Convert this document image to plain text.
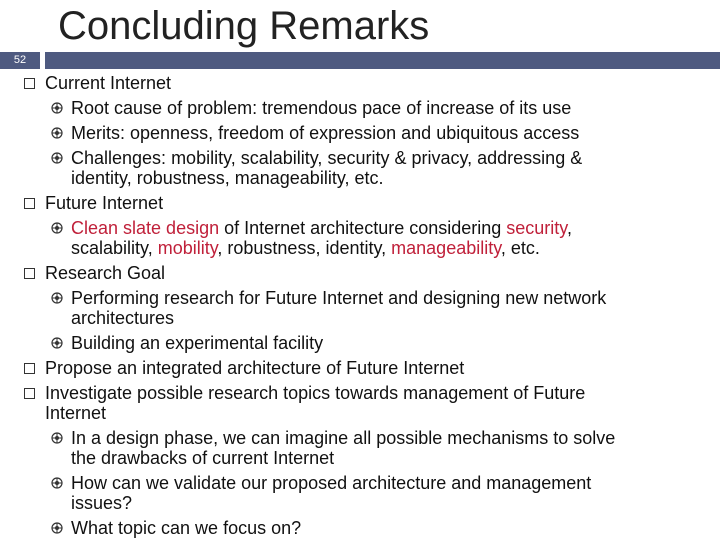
Concluding Remarks
52
Current Internet
Root cause of problem: tremendous pace of increase of its use
Merits: openness, freedom of expression and ubiquitous access
Challenges: mobility, scalability, security & privacy, addressing &
identity, robustness, manageability, etc.
Future Internet
Clean slate design of Internet architecture considering security,
scalability, mobility, robustness, identity, manageability, etc.
Research Goal
Performing research for Future Internet and designing new network
architectures
Building an experimental facility
Propose an integrated architecture of Future Internet
Investigate possible research topics towards management of Future
Internet
In a design phase, we can imagine all possible mechanisms to solve
the drawbacks of current Internet
How can we validate our proposed architecture and management
issues?
What topic can we focus on?
